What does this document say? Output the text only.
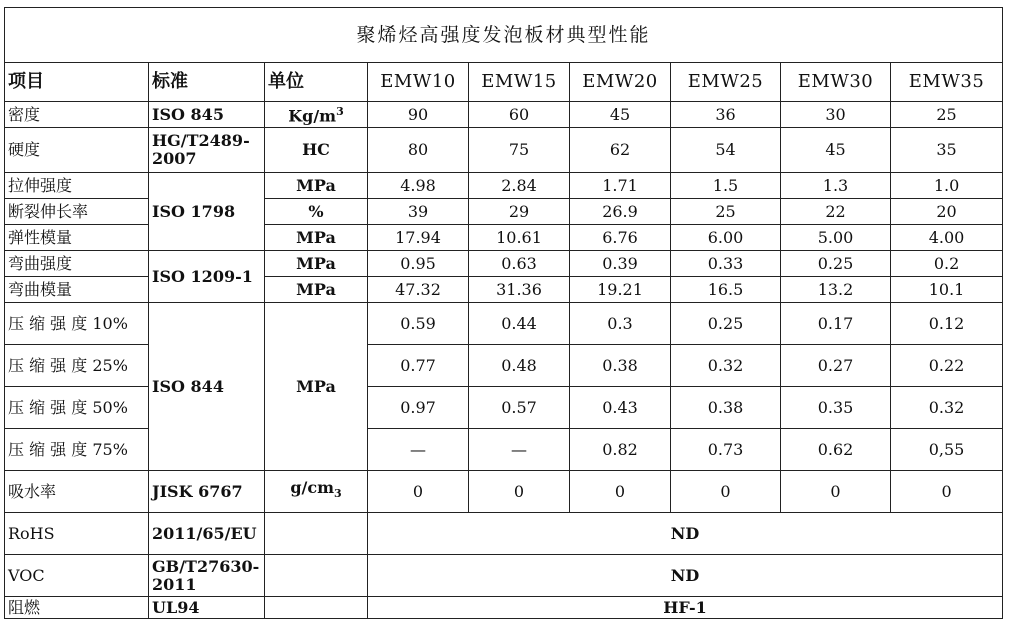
聚烯烃高强度发泡板材典型性能								
项目	标准	单位	EMW10	EMW15	EMW20	EMW25	EMW30	EMW35
密度	ISO 845	$Kg/m^3$	90	60	45	36	30	25
硬度	HG/T2489-2007	HC	80	75	62	54	45	35
拉伸强度	ISO 1798	MPa	4.98	2.84	1.71	1.5	1.3	1.0
断裂伸长率		%	39	29	26.9	25	22	20
弹性模量		MPa	17.94	10.61	6.76	6.00	5.00	4.00
弯曲强度	ISO 1209-1	MPa	0.95	0.63	0.39	0.33	0.25	0.2
弯曲模量		MPa	47.32	31.36	19.21	16.5	13.2	10.1
压 缩 强 度 10%	ISO 844	MPa	0.59	0.44	0.3	0.25	0.17	0.12
压 缩 强 度 25%			0.77	0.48	0.38	0.32	0.27	0.22
压 缩 强 度 50%			0.97	0.57	0.43	0.38	0.35	0.32
压 缩 强 度 75%			—	—	0.82	0.73	0.62	0,55
吸水率	JISK 6767	$g/cm_3$	0	0	0	0	0	0
RoHS	2011/65/EU		ND					
VOC	GB/T27630-2011		ND					
阻燃	UL94		HF-1					
